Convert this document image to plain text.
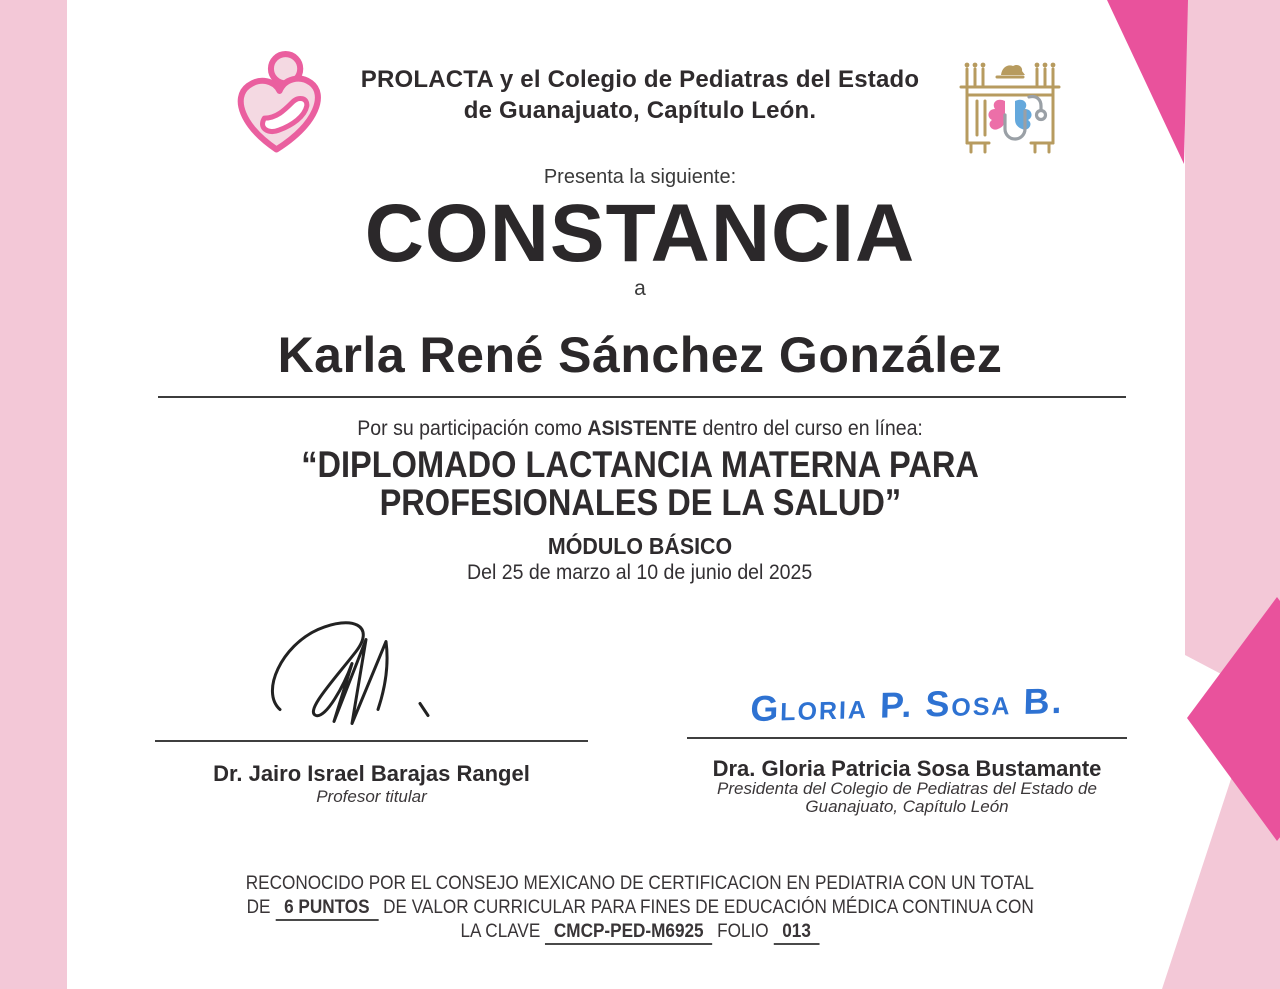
PROLACTA y el Colegio de Pediatras del Estado
de Guanajuato, Capítulo León.
Presenta la siguiente:
CONSTANCIA
a
Karla René Sánchez González
Por su participación como ASISTENTE dentro del curso en línea:
“DIPLOMADO LACTANCIA MATERNA PARA
PROFESIONALES DE LA SALUD”
MÓDULO BÁSICO
Del 25 de marzo al 10 de junio del 2025
Dr. Jairo Israel Barajas Rangel
Profesor titular
Gloria P. Sosa B.
Dra. Gloria Patricia Sosa Bustamante
Presidenta del Colegio de Pediatras del Estado de
Guanajuato, Capítulo León
RECONOCIDO POR EL CONSEJO MEXICANO DE CERTIFICACION EN PEDIATRIA CON UN TOTAL
DE 6 PUNTOS DE VALOR CURRICULAR PARA FINES DE EDUCACIÓN MÉDICA CONTINUA CON
LA CLAVE CMCP-PED-M6925 FOLIO 013
